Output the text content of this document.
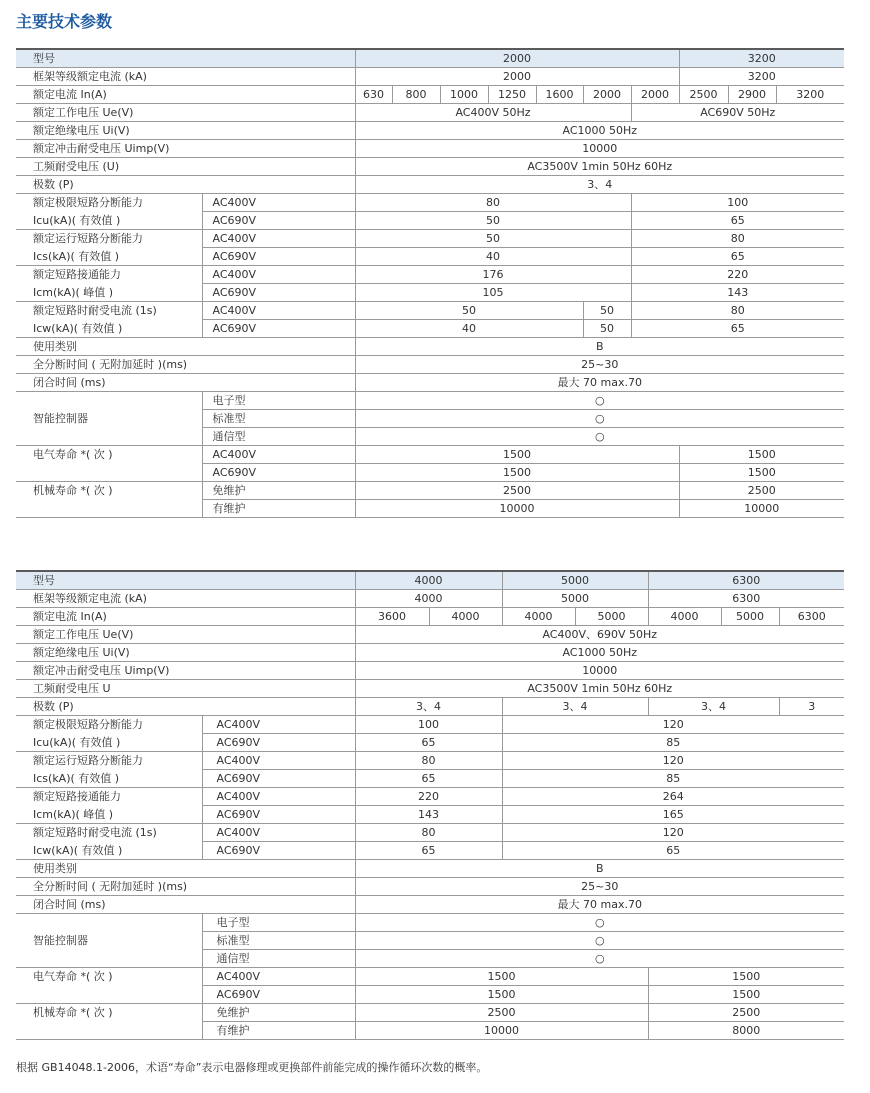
主要技术参数
型号		2000							3200		
框架等级额定电流 (kA)		2000							3200		
额定电流 In(A)		630	800	1000	1250	1600	2000	2000	2500	2900	3200
额定工作电压 Ue(V)		AC400V 50Hz						AC690V 50Hz			
额定绝缘电压 Ui(V)		AC1000 50Hz									
额定冲击耐受电压 Uimp(V)		10000									
工频耐受电压 (U)		AC3500V 1min 50Hz 60Hz									
极数 (P)		3、4									
额定极限短路分断能力	AC400V	80						100			
Icu(kA)( 有效值 )	AC690V	50						65			
额定运行短路分断能力	AC400V	50						80			
Ics(kA)( 有效值 )	AC690V	40						65			
额定短路接通能力	AC400V	176						220			
Icm(kA)( 峰值 )	AC690V	105						143			
额定短路时耐受电流 (1s)	AC400V	50					50	80			
Icw(kA)( 有效值 )	AC690V	40					50	65			
使用类别		B									
全分断时间 ( 无附加延时 )(ms)		25~30									
闭合时间 (ms)		最大 70 max.70									
	电子型	○									
智能控制器	标准型	○									
	通信型	○									
电气寿命 *( 次 )	AC400V	1500							1500		
	AC690V	1500							1500		
机械寿命 *( 次 )	免维护	2500							2500		
	有维护	10000							10000		
型号		4000		5000		6300		
框架等级额定电流 (kA)		4000		5000		6300		
额定电流 In(A)		3600	4000	4000	5000	4000	5000	6300
额定工作电压 Ue(V)		AC400V、690V 50Hz						
额定绝缘电压 Ui(V)		AC1000 50Hz						
额定冲击耐受电压 Uimp(V)		10000						
工频耐受电压 U		AC3500V 1min 50Hz 60Hz						
极数 (P)		3、4		3、4		3、4		3
额定极限短路分断能力	AC400V	100		120				
Icu(kA)( 有效值 )	AC690V	65		85				
额定运行短路分断能力	AC400V	80		120				
Ics(kA)( 有效值 )	AC690V	65		85				
额定短路接通能力	AC400V	220		264				
Icm(kA)( 峰值 )	AC690V	143		165				
额定短路时耐受电流 (1s)	AC400V	80		120				
Icw(kA)( 有效值 )	AC690V	65		65				
使用类别		B						
全分断时间 ( 无附加延时 )(ms)		25~30						
闭合时间 (ms)		最大 70 max.70						
	电子型	○						
智能控制器	标准型	○						
	通信型	○						
电气寿命 *( 次 )	AC400V	1500				1500		
	AC690V	1500				1500		
机械寿命 *( 次 )	免维护	2500				2500		
	有维护	10000				8000		

根据 GB14048.1-2006，术语“寿命”表示电器修理或更换部件前能完成的操作循环次数的概率。
